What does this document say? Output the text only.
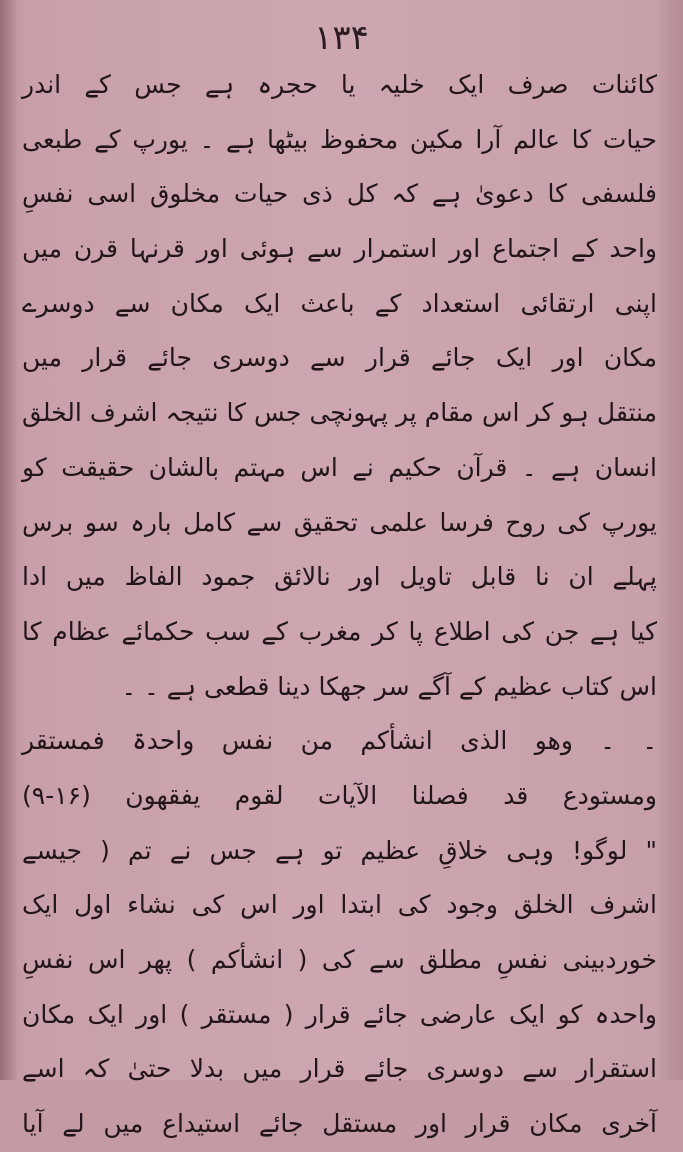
۱۳۴
کائنات صرف ایک خلیہ یا حجرہ ہے جس کے اندر
حیات کا عالم آرا مکین محفوظ بیٹھا ہے ۔ یورپ کے طبعی
فلسفی کا دعویٰ ہے کہ کل ذی حیات مخلوق اسی نفسِ
واحد کے اجتماع اور استمرار سے ہوئی اور قرنہا قرن میں
اپنی ارتقائی استعداد کے باعث ایک مکان سے دوسرے
مکان اور ایک جائے قرار سے دوسری جائے قرار میں
منتقل ہو کر اس مقام پر پہونچی جس کا نتیجہ اشرف الخلق
انسان ہے ۔ قرآن حکیم نے اس مہتم بالشان حقیقت کو
یورپ کی روح فرسا علمی تحقیق سے کامل بارہ سو برس
پہلے ان نا قابل تاویل اور نالائق جمود الفاظ میں ادا
کیا ہے جن کی اطلاع پا کر مغرب کے سب حکمائے عظام کا
اس کتاب عظیم کے آگے سر جھکا دینا قطعی ہے ۔ ۔
۔ ۔ وھو الذی انشأکم من نفس واحدۃ فمستقر
ومستودع قد فصلنا الآیات لقوم یفقھون (۱۶-۹)
" لوگو! وہی خلاقِ عظیم تو ہے جس نے تم ( جیسے
اشرف الخلق وجود کی ابتدا اور اس کی نشاء اول ایک
خوردبینی نفسِ مطلق سے کی ( انشأکم ) پھر اس نفسِ
واحدہ کو ایک عارضی جائے قرار ( مستقر ) اور ایک مکان
استقرار سے دوسری جائے قرار میں بدلا حتیٰ کہ اسے
آخری مکان قرار اور مستقل جائے استیداع میں لے آیا
